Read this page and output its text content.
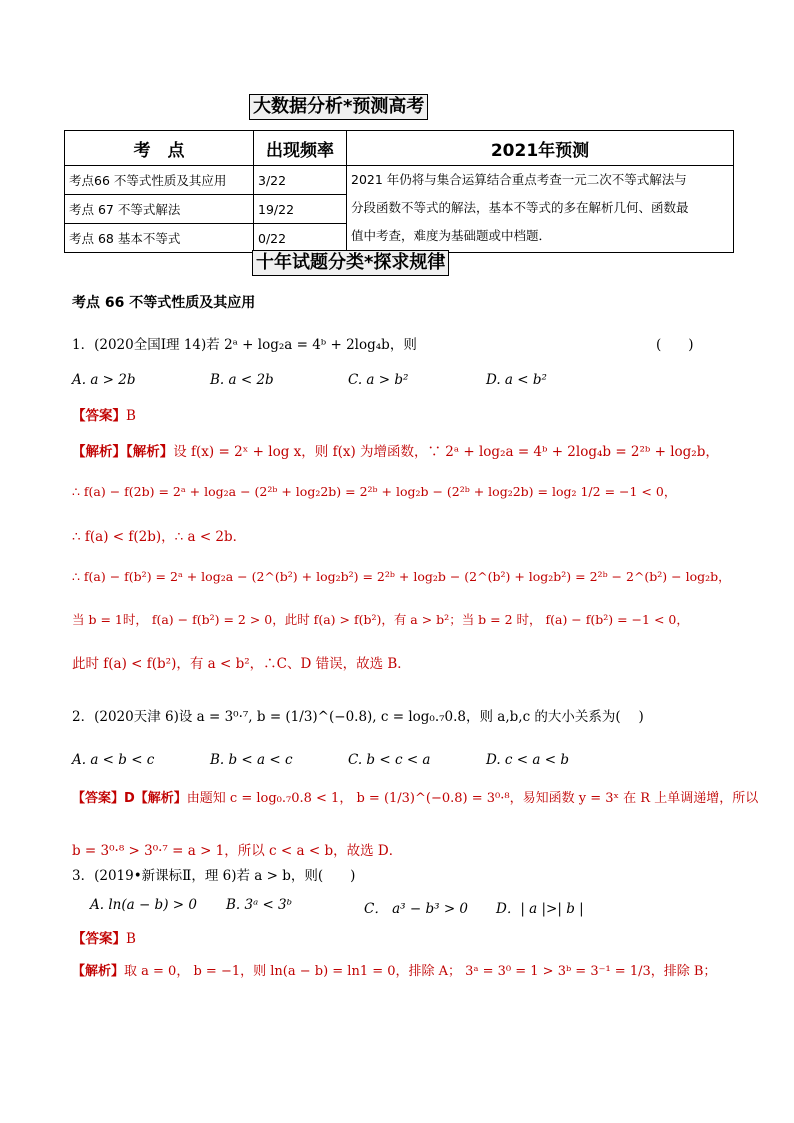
大数据分析*预测高考
考　点	出现频率	2021年预测
考点66 不等式性质及其应用	3/22	2021 年仍将与集合运算结合重点考查一元二次不等式解法与
分段函数不等式的解法，基本不等式的多在解析几何、函数最
值中考查，难度为基础题或中档题．

考点 67 不等式解法	19/22	
考点 68 基本不等式	0/22	
十年试题分类*探求规律
考点 66 不等式性质及其应用
1．(2020全国Ⅰ理 14)若 2ᵃ + log₂a = 4ᵇ + 2log₄b，则	(　　)
A. a > 2b	B. a < 2b	C. a > b²	D. a < b²
【答案】B
【解析】【解析】设 f(x) = 2ˣ + log x，则 f(x) 为增函数，∵ 2ᵃ + log₂a = 4ᵇ + 2log₄b = 2²ᵇ + log₂b，
∴ f(a) − f(2b) = 2ᵃ + log₂a − (2²ᵇ + log₂2b) = 2²ᵇ + log₂b − (2²ᵇ + log₂2b) = log₂ 1/2 = −1 < 0，
∴ f(a) < f(2b)，∴ a < 2b．
∴ f(a) − f(b²) = 2ᵃ + log₂a − (2^(b²) + log₂b²) = 2²ᵇ + log₂b − (2^(b²) + log₂b²) = 2²ᵇ − 2^(b²) − log₂b，
当 b = 1时， f(a) − f(b²) = 2 > 0，此时 f(a) > f(b²)，有 a > b²；当 b = 2 时， f(a) − f(b²) = −1 < 0，
此时 f(a) < f(b²)，有 a < b²，∴C、D 错误，故选 B．
2．(2020天津 6)设 a = 3⁰·⁷, b = (1/3)^(−0.8), c = log₀.₇0.8，则 a,b,c 的大小关系为(　 )
A. a < b < c	B. b < a < c	C. b < c < a	D. c < a < b
【答案】D【解析】由题知 c = log₀.₇0.8 < 1， b = (1/3)^(−0.8) = 3⁰·⁸，易知函数 y = 3ˣ 在 R 上单调递增，所以
b = 3⁰·⁸ > 3⁰·⁷ = a > 1，所以 c < a < b，故选 D．
3．(2019•新课标Ⅱ，理 6)若 a > b，则(　　)
A. ln(a − b) > 0 B. 3ᵃ < 3ᵇ	C． a³ − b³ > 0 D．| a |>| b |
【答案】B
【解析】取 a = 0， b = −1，则 ln(a − b) = ln1 = 0，排除 A； 3ᵃ = 3⁰ = 1 > 3ᵇ = 3⁻¹ = 1/3，排除 B；
